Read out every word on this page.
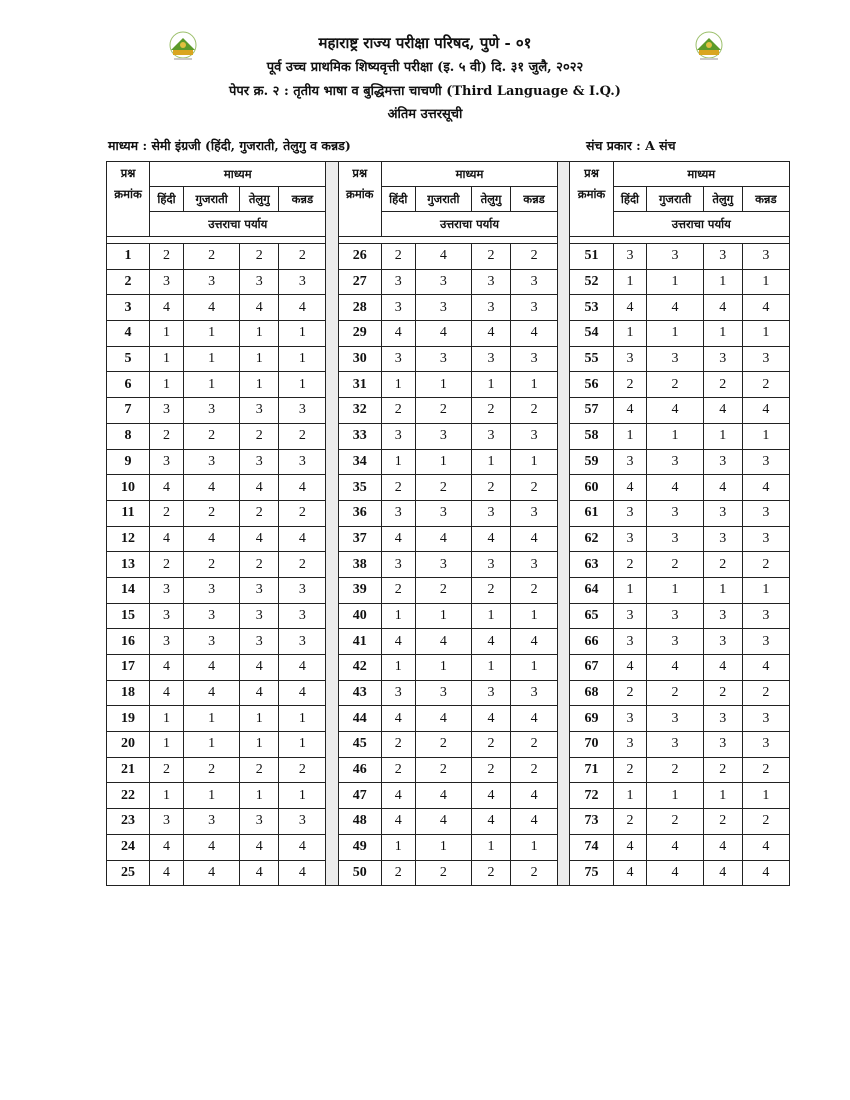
महाराष्ट्र राज्य परीक्षा परिषद, पुणे - ०१
पूर्व उच्च प्राथमिक शिष्यवृत्ती परीक्षा (इ. ५ वी) दि. ३१ जुलै, २०२२
पेपर क्र. २ : तृतीय भाषा व बुद्धिमत्ता चाचणी (Third Language & I.Q.)
अंतिम उत्तरसूची
माध्यम : सेमी इंग्रजी (हिंदी, गुजराती, तेलुगु व कन्नड)	संच प्रकार : A संच
प्रश्न
क्रमांक
	माध्यम		प्रश्न
क्रमांक
	माध्यम		प्रश्न
क्रमांक
	माध्यम
	हिंदी	गुजराती	तेलुगु	कन्नड			हिंदी	गुजराती	तेलुगु	कन्नड			हिंदी	गुजराती	तेलुगु	कन्नड
	उत्तराचा पर्याय						उत्तराचा पर्याय						उत्तराचा पर्याय			

1	2	2	2	2		26	2	4	2	2		51	3	3	3	3
2	3	3	3	3		27	3	3	3	3		52	1	1	1	1
3	4	4	4	4		28	3	3	3	3		53	4	4	4	4
4	1	1	1	1		29	4	4	4	4		54	1	1	1	1
5	1	1	1	1		30	3	3	3	3		55	3	3	3	3
6	1	1	1	1		31	1	1	1	1		56	2	2	2	2
7	3	3	3	3		32	2	2	2	2		57	4	4	4	4
8	2	2	2	2		33	3	3	3	3		58	1	1	1	1
9	3	3	3	3		34	1	1	1	1		59	3	3	3	3
10	4	4	4	4		35	2	2	2	2		60	4	4	4	4
11	2	2	2	2		36	3	3	3	3		61	3	3	3	3
12	4	4	4	4		37	4	4	4	4		62	3	3	3	3
13	2	2	2	2		38	3	3	3	3		63	2	2	2	2
14	3	3	3	3		39	2	2	2	2		64	1	1	1	1
15	3	3	3	3		40	1	1	1	1		65	3	3	3	3
16	3	3	3	3		41	4	4	4	4		66	3	3	3	3
17	4	4	4	4		42	1	1	1	1		67	4	4	4	4
18	4	4	4	4		43	3	3	3	3		68	2	2	2	2
19	1	1	1	1		44	4	4	4	4		69	3	3	3	3
20	1	1	1	1		45	2	2	2	2		70	3	3	3	3
21	2	2	2	2		46	2	2	2	2		71	2	2	2	2
22	1	1	1	1		47	4	4	4	4		72	1	1	1	1
23	3	3	3	3		48	4	4	4	4		73	2	2	2	2
24	4	4	4	4		49	1	1	1	1		74	4	4	4	4
25	4	4	4	4		50	2	2	2	2		75	4	4	4	4
